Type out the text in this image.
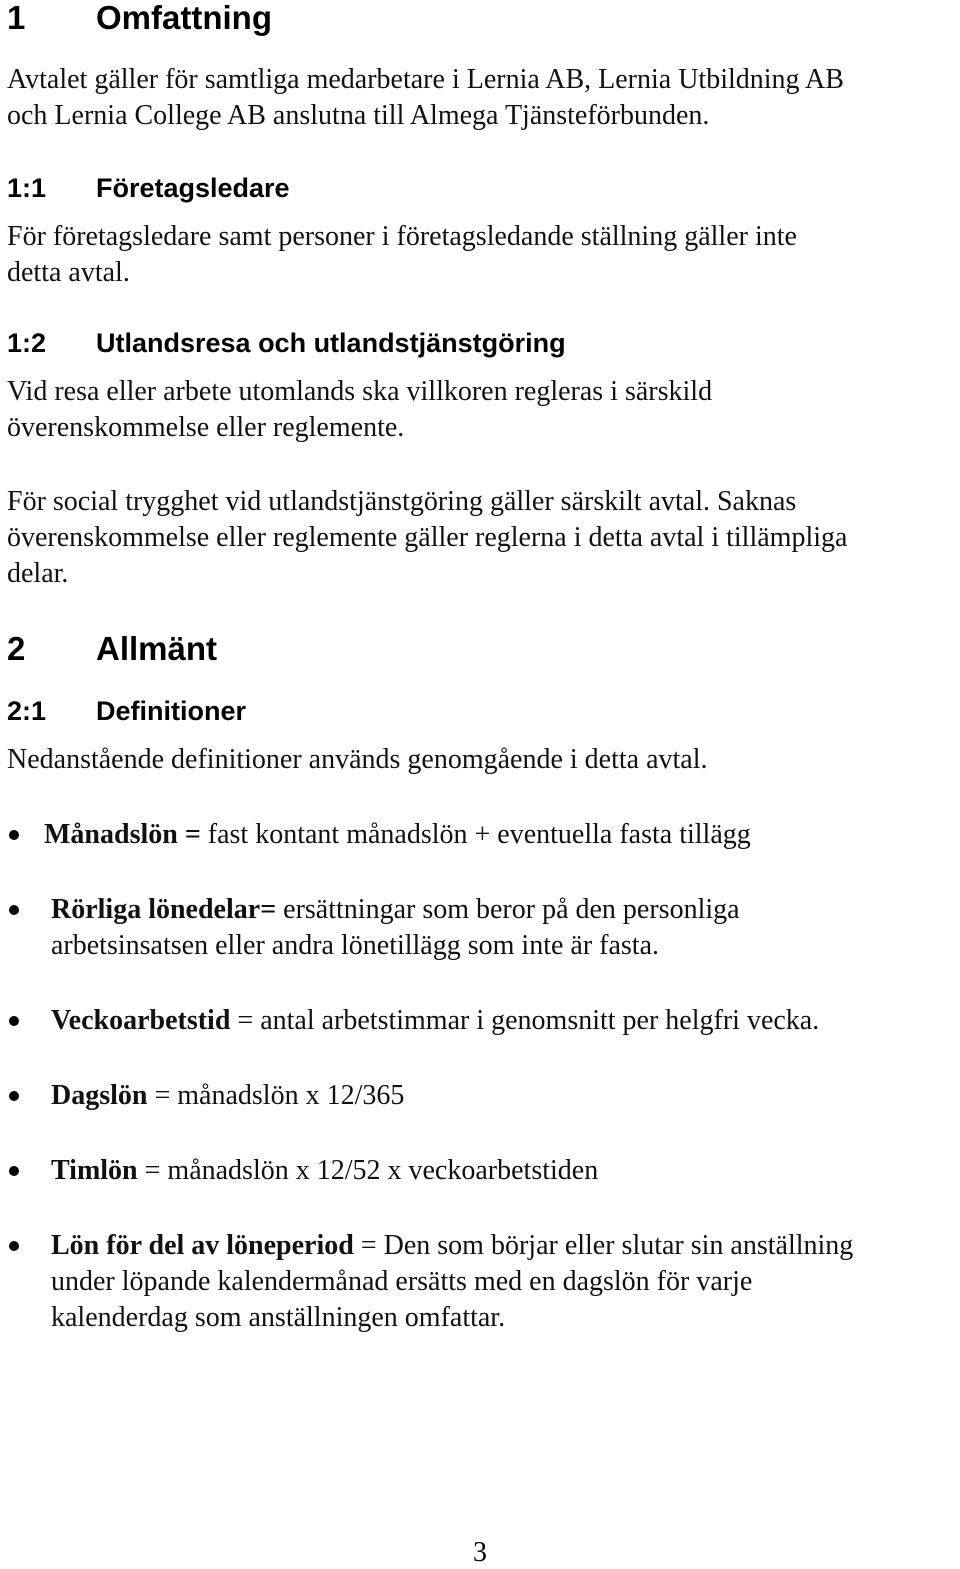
1 Omfattning
Avtalet gäller för samtliga medarbetare i Lernia AB, Lernia Utbildning AB
och Lernia College AB anslutna till Almega Tjänsteförbunden.
1:1 Företagsledare
För företagsledare samt personer i företagsledande ställning gäller inte
detta avtal.
1:2 Utlandsresa och utlandstjänstgöring
Vid resa eller arbete utomlands ska villkoren regleras i särskild
överenskommelse eller reglemente.
För social trygghet vid utlandstjänstgöring gäller särskilt avtal. Saknas
överenskommelse eller reglemente gäller reglerna i detta avtal i tillämpliga
delar.
2 Allmänt
2:1 Definitioner
Nedanstående definitioner används genomgående i detta avtal.
Månadslön = fast kontant månadslön + eventuella fasta tillägg
Rörliga lönedelar= ersättningar som beror på den personliga
arbetsinsatsen eller andra lönetillägg som inte är fasta.
Veckoarbetstid = antal arbetstimmar i genomsnitt per helgfri vecka.
Dagslön = månadslön x 12/365
Timlön = månadslön x 12/52 x veckoarbetstiden
Lön för del av löneperiod = Den som börjar eller slutar sin anställning
under löpande kalendermånad ersätts med en dagslön för varje
kalenderdag som anställningen omfattar.
3
